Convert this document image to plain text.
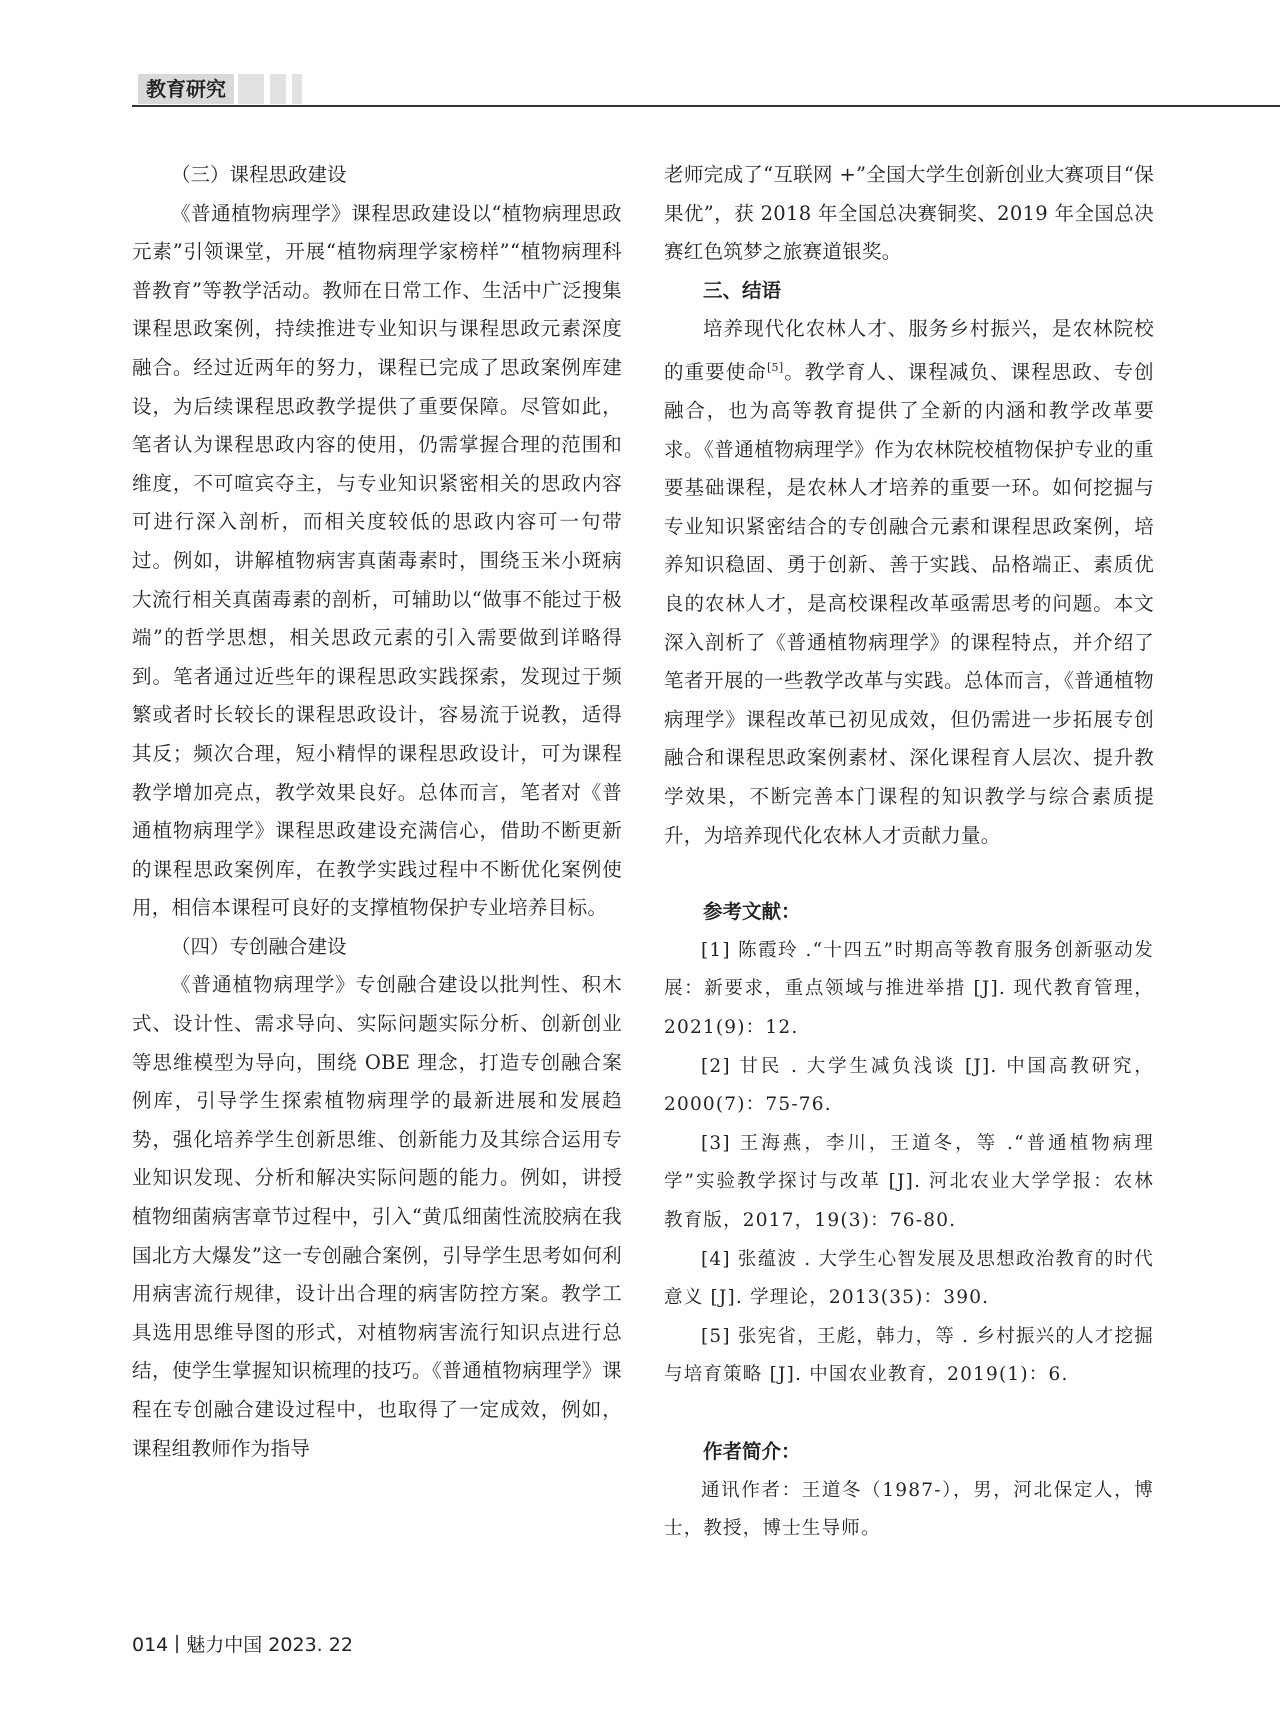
教育研究

（三）课程思政建设

《普通植物病理学》课程思政建设以“植物病理思政元素”引领课堂，开展“植物病理学家榜样”“植物病理科普教育”等教学活动。教师在日常工作、生活中广泛搜集课程思政案例，持续推进专业知识与课程思政元素深度融合。经过近两年的努力，课程已完成了思政案例库建设，为后续课程思政教学提供了重要保障。尽管如此，笔者认为课程思政内容的使用，仍需掌握合理的范围和维度，不可喧宾夺主，与专业知识紧密相关的思政内容可进行深入剖析，而相关度较低的思政内容可一句带过。例如，讲解植物病害真菌毒素时，围绕玉米小斑病大流行相关真菌毒素的剖析，可辅助以“做事不能过于极端”的哲学思想，相关思政元素的引入需要做到详略得到。笔者通过近些年的课程思政实践探索，发现过于频繁或者时长较长的课程思政设计，容易流于说教，适得其反；频次合理，短小精悍的课程思政设计，可为课程教学增加亮点，教学效果良好。总体而言，笔者对《普通植物病理学》课程思政建设充满信心，借助不断更新的课程思政案例库，在教学实践过程中不断优化案例使用，相信本课程可良好的支撑植物保护专业培养目标。

（四）专创融合建设

《普通植物病理学》专创融合建设以批判性、积木式、设计性、需求导向、实际问题实际分析、创新创业等思维模型为导向，围绕 OBE 理念，打造专创融合案例库，引导学生探索植物病理学的最新进展和发展趋势，强化培养学生创新思维、创新能力及其综合运用专业知识发现、分析和解决实际问题的能力。例如，讲授植物细菌病害章节过程中，引入“黄瓜细菌性流胶病在我国北方大爆发”这一专创融合案例，引导学生思考如何利用病害流行规律，设计出合理的病害防控方案。教学工具选用思维导图的形式，对植物病害流行知识点进行总结，使学生掌握知识梳理的技巧。《普通植物病理学》课程在专创融合建设过程中，也取得了一定成效，例如，课程组教师作为指导

老师完成了“互联网 +”全国大学生创新创业大赛项目“保果优”，获 2018 年全国总决赛铜奖、2019 年全国总决赛红色筑梦之旅赛道银奖。

三、结语

培养现代化农林人才、服务乡村振兴，是农林院校的重要使命[5]。教学育人、课程减负、课程思政、专创融合，也为高等教育提供了全新的内涵和教学改革要求。《普通植物病理学》作为农林院校植物保护专业的重要基础课程，是农林人才培养的重要一环。如何挖掘与专业知识紧密结合的专创融合元素和课程思政案例，培养知识稳固、勇于创新、善于实践、品格端正、素质优良的农林人才，是高校课程改革亟需思考的问题。本文深入剖析了《普通植物病理学》的课程特点，并介绍了笔者开展的一些教学改革与实践。总体而言，《普通植物病理学》课程改革已初见成效，但仍需进一步拓展专创融合和课程思政案例素材、深化课程育人层次、提升教学效果，不断完善本门课程的知识教学与综合素质提升，为培养现代化农林人才贡献力量。

参考文献：

[1] 陈霞玲 .“十四五”时期高等教育服务创新驱动发展：新要求，重点领域与推进举措 [J]. 现代教育管理，2021(9)：12.

[2] 甘民 . 大学生减负浅谈 [J]. 中国高教研究，2000(7)：75-76.

[3] 王海燕，李川，王道冬，等 .“普通植物病理学”实验教学探讨与改革 [J]. 河北农业大学学报：农林教育版，2017，19(3)：76-80.

[4] 张蕴波 . 大学生心智发展及思想政治教育的时代意义 [J]. 学理论，2013(35)：390.

[5] 张宪省，王彪，韩力，等 . 乡村振兴的人才挖掘与培育策略 [J]. 中国农业教育，2019(1)：6.

作者简介：

通讯作者：王道冬（1987-），男，河北保定人，博士，教授，博士生导师。

014 魅力中国 2023. 22
